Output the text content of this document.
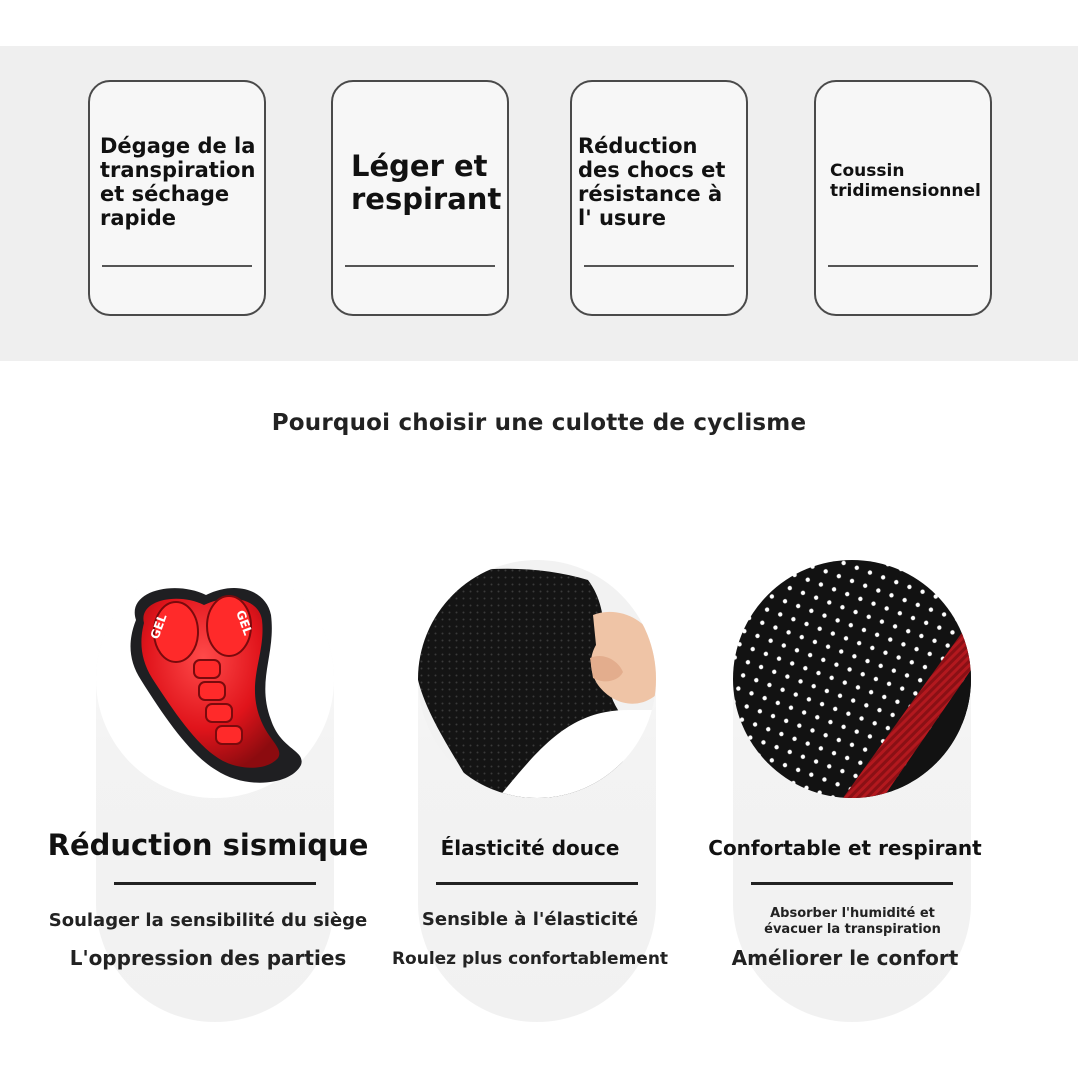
Dégage de la transpiration et séchage rapide
Léger et respirant
Réduction des chocs et résistance à l' usure
Coussin tridimensionnel
Pourquoi choisir une culotte de cyclisme
GEL	GEL
Réduction sismique
Soulager la sensibilité du siège
L'oppression des parties
Élasticité douce
Sensible à l'élasticité
Roulez plus confortablement
Confortable et respirant
Absorber l'humidité et évacuer la transpiration
Améliorer le confort
